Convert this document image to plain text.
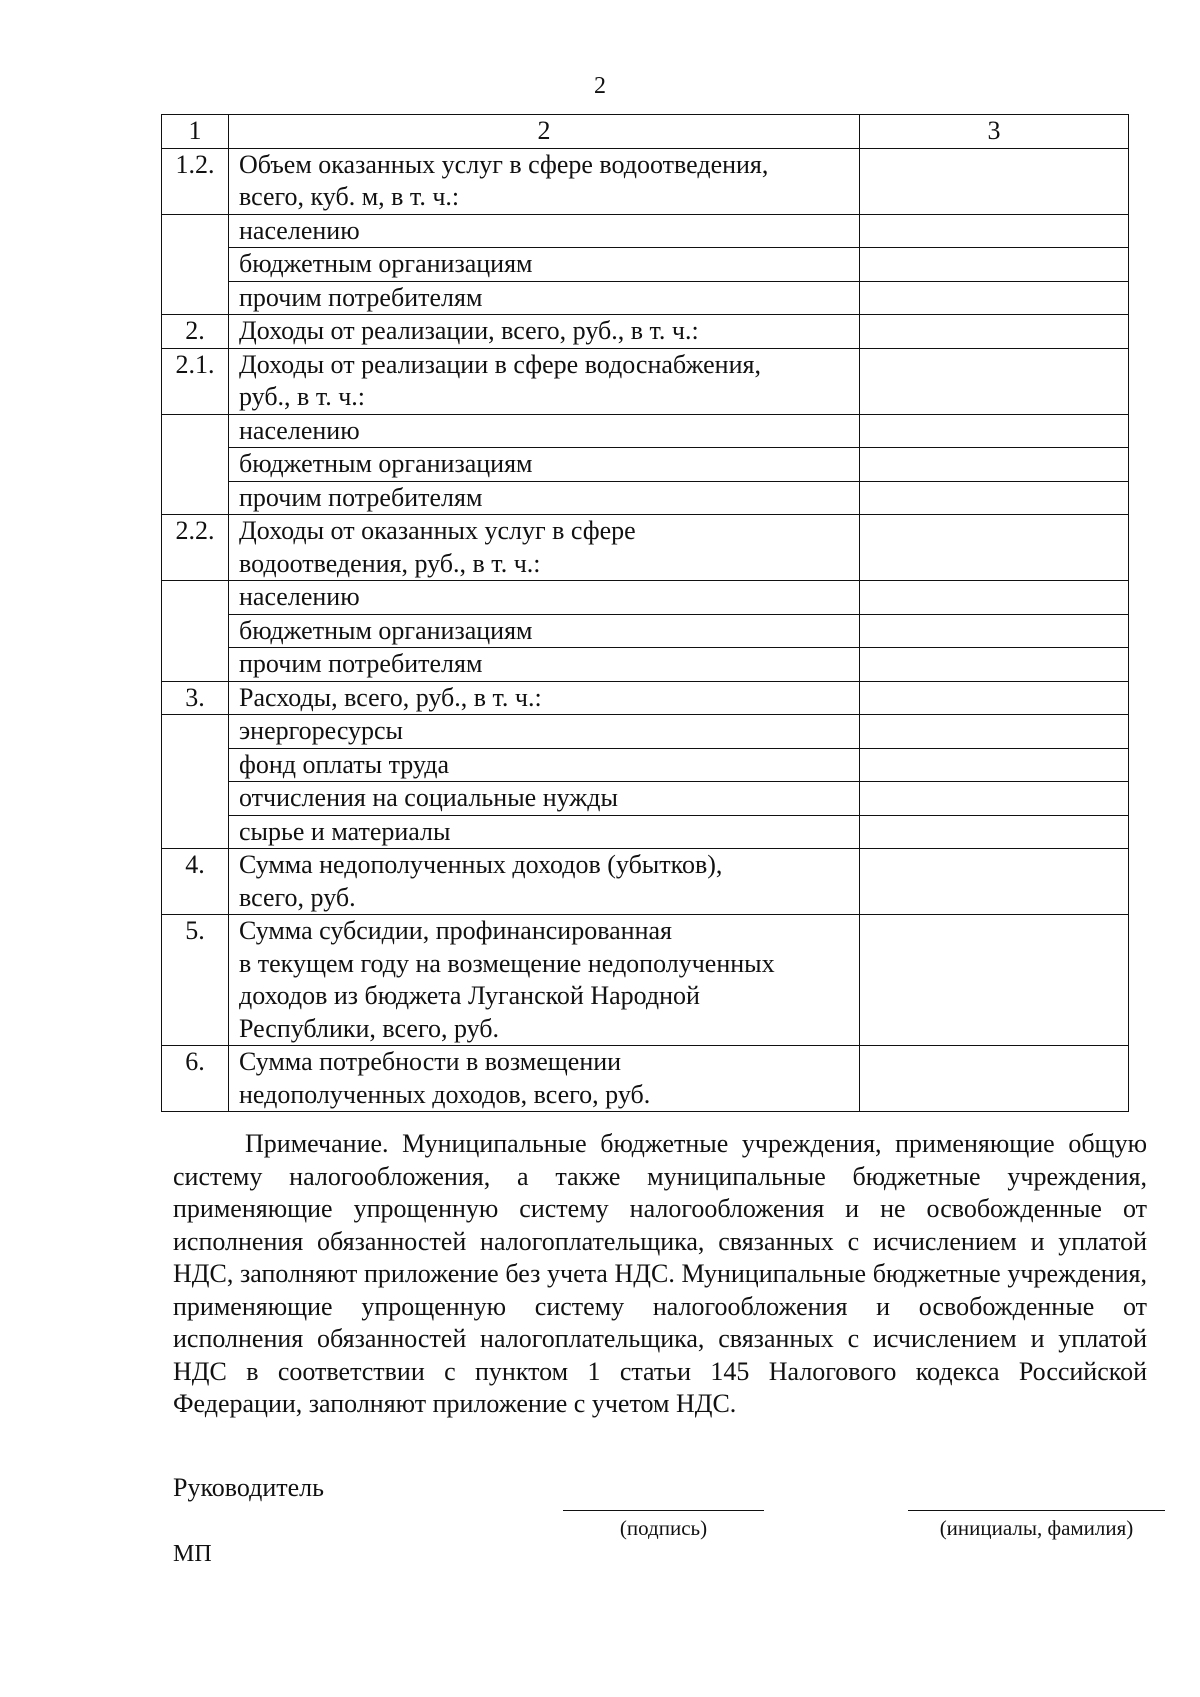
2
1	2	3
1.2.	Объем оказанных услуг в сфере водоотведения,
всего, куб. м, в т. ч.:	
	населению	
	бюджетным организациям	
	прочим потребителям	
2.	Доходы от реализации, всего, руб., в т. ч.:	
2.1.	Доходы от реализации в сфере водоснабжения,
руб., в т. ч.:	
	населению	
	бюджетным организациям	
	прочим потребителям	
2.2.	Доходы от оказанных услуг в сфере
водоотведения, руб., в т. ч.:	
	населению	
	бюджетным организациям	
	прочим потребителям	
3.	Расходы, всего, руб., в т. ч.:	
	энергоресурсы	
	фонд оплаты труда	
	отчисления на социальные нужды	
	сырье и материалы	
4.	Сумма недополученных доходов (убытков),
всего, руб.	
5.	Сумма субсидии, профинансированная
в текущем году на возмещение недополученных
доходов из бюджета Луганской Народной
Республики, всего, руб.	
6.	Сумма потребности в возмещении
недополученных доходов, всего, руб.	

Примечание. Муниципальные бюджетные учреждения, применяющие общую систему налогообложения, а также муниципальные бюджетные учреждения, применяющие упрощенную систему налогообложения и не освобожденные от исполнения обязанностей налогоплательщика, связанных с исчислением и уплатой НДС, заполняют приложение без учета НДС. Муниципальные бюджетные учреждения, применяющие упрощенную систему налогообложения и освобожденные от исполнения обязанностей налогоплательщика, связанных с исчислением и уплатой НДС в соответствии с пунктом 1 статьи 145 Налогового кодекса Российской Федерации, заполняют приложение с учетом НДС.

Руководитель
(подпись)	(инициалы, фамилия)
МП
